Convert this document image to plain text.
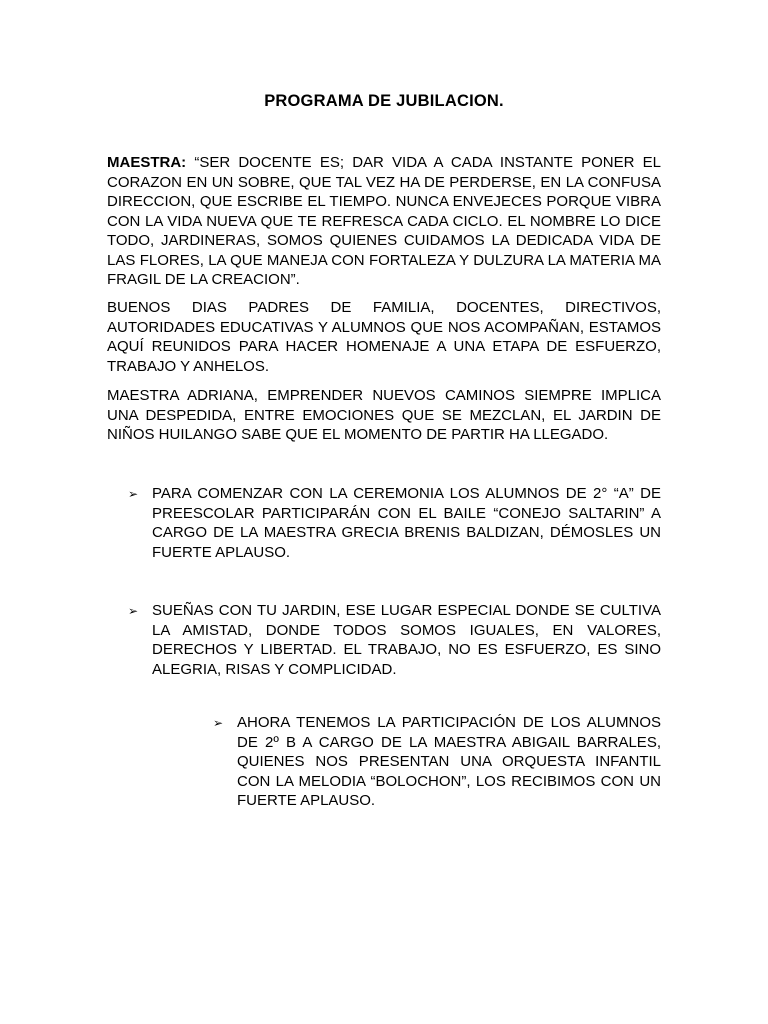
PROGRAMA DE JUBILACION.

MAESTRA: “SER DOCENTE ES; DAR VIDA A CADA INSTANTE PONER EL CORAZON EN UN SOBRE, QUE TAL VEZ HA DE PERDERSE, EN LA CONFUSA DIRECCION, QUE ESCRIBE EL TIEMPO. NUNCA ENVEJECES PORQUE VIBRA CON LA VIDA NUEVA QUE TE REFRESCA CADA CICLO. EL NOMBRE LO DICE TODO, JARDINERAS, SOMOS QUIENES CUIDAMOS LA DEDICADA VIDA DE LAS FLORES, LA QUE MANEJA CON FORTALEZA Y DULZURA LA MATERIA MA FRAGIL DE LA CREACION”.

BUENOS DIAS PADRES DE FAMILIA, DOCENTES, DIRECTIVOS, AUTORIDADES EDUCATIVAS Y ALUMNOS QUE NOS ACOMPAÑAN, ESTAMOS AQUÍ REUNIDOS PARA HACER HOMENAJE A UNA ETAPA DE ESFUERZO, TRABAJO Y ANHELOS.

MAESTRA ADRIANA, EMPRENDER NUEVOS CAMINOS SIEMPRE IMPLICA UNA DESPEDIDA, ENTRE EMOCIONES QUE SE MEZCLAN, EL JARDIN DE NIÑOS HUILANGO SABE QUE EL MOMENTO DE PARTIR HA LLEGADO.

➢ PARA COMENZAR CON LA CEREMONIA LOS ALUMNOS DE 2° “A” DE PREESCOLAR PARTICIPARÁN CON EL BAILE “CONEJO SALTARIN” A CARGO DE LA MAESTRA GRECIA BRENIS BALDIZAN, DÉMOSLES UN FUERTE APLAUSO.

➢ SUEÑAS CON TU JARDIN, ESE LUGAR ESPECIAL DONDE SE CULTIVA LA AMISTAD, DONDE TODOS SOMOS IGUALES, EN VALORES, DERECHOS Y LIBERTAD. EL TRABAJO, NO ES ESFUERZO, ES SINO ALEGRIA, RISAS Y COMPLICIDAD.

➢ AHORA TENEMOS LA PARTICIPACIÓN DE LOS ALUMNOS DE 2º B A CARGO DE LA MAESTRA ABIGAIL BARRALES, QUIENES NOS PRESENTAN UNA ORQUESTA INFANTIL CON LA MELODIA “BOLOCHON”, LOS RECIBIMOS CON UN FUERTE APLAUSO.
